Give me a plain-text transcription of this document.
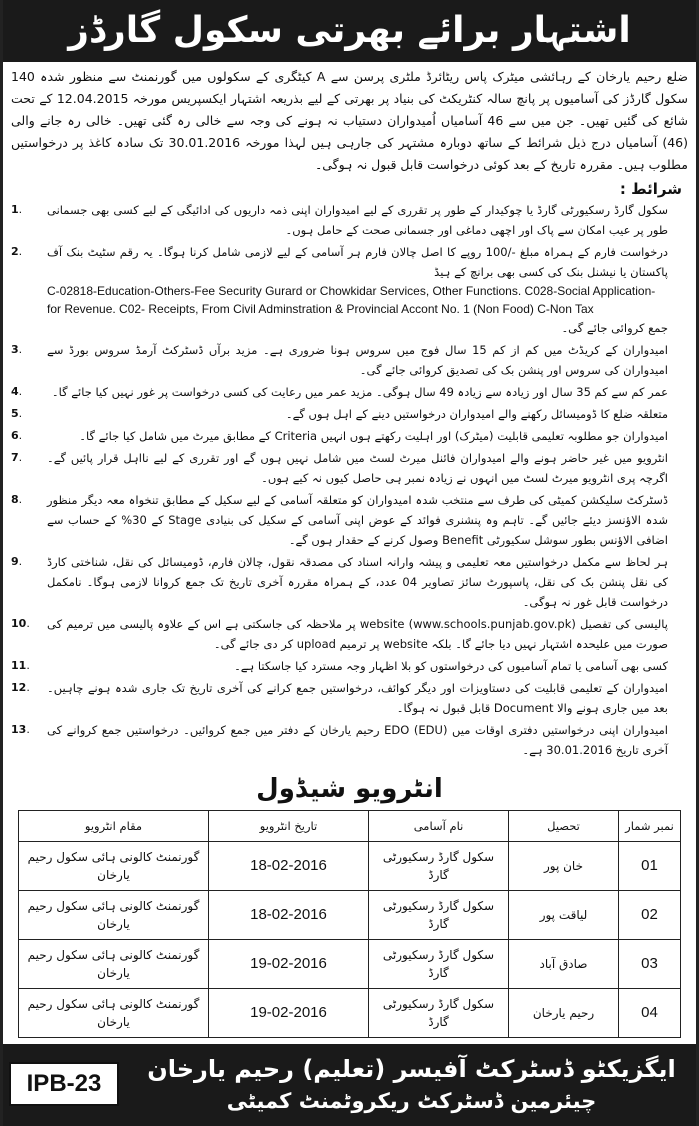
اشتہار برائے بھرتی سکول گارڈز

ضلع رحیم یارخان کے رہائشی میٹرک پاس ریٹائرڈ ملٹری پرسن سے A کیٹگری کے سکولوں میں گورنمنٹ سے منظور شدہ 140 سکول گارڈز کی آسامیوں پر پانچ سالہ کنٹریکٹ کی بنیاد پر بھرتی کے لیے بذریعہ اشتہار ایکسپریس مورخہ 12.04.2015 کے تحت شائع کی گئیں تھیں۔ جن میں سے 46 آسامیاں اُمیدواران دستیاب نہ ہونے کی وجہ سے خالی رہ گئی تھیں۔ خالی رہ جانے والی (46) آسامیاں درج ذیل شرائط کے ساتھ دوبارہ مشتہر کی جارہی ہیں لہذا مورخہ 30.01.2016 تک سادہ کاغذ پر درخواستیں مطلوب ہیں۔ مقررہ تاریخ کے بعد کوئی درخواست قابل قبول نہ ہوگی۔

شرائط :
1.	سکول گارڈ رسکیورٹی گارڈ یا چوکیدار کے طور پر تقرری کے لیے امیدواران اپنی ذمہ داریوں کی ادائیگی کے لیے کسی بھی جسمانی طور پر عیب امکان سے پاک اور اچھی دماغی اور جسمانی صحت کے حامل ہوں۔
2.	درخواست فارم کے ہمراہ مبلغ -/100 روپے کا اصل چالان فارم ہر آسامی کے لیے لازمی شامل کرنا ہوگا۔ یہ رقم سٹیٹ بنک آف پاکستان یا نیشنل بنک کی کسی بھی برانچ کے ہیڈ
C-02818-Education-Others-Fee Security Gurard or Chowkidar Services, Other Functions. C028-Social Application- for Revenue. C02- Receipts, From Civil Adminstration & Provincial Accont No. 1 (Non Food) C-Non Tax
جمع کروائی جائے گی۔
3.	امیدواران کے کریڈٹ میں کم از کم 15 سال فوج میں سروس ہونا ضروری ہے۔ مزید برآں ڈسٹرکٹ آرمڈ سروس بورڈ سے امیدواران کی سروس اور پنشن بک کی تصدیق کروائی جائے گی۔
4.	عمر کم سے کم 35 سال اور زیادہ سے زیادہ 49 سال ہوگی۔ مزید عمر میں رعایت کی کسی درخواست پر غور نہیں کیا جائے گا۔
5.	متعلقہ ضلع کا ڈومیسائل رکھنے والے امیدواران درخواستیں دینے کے اہل ہوں گے۔
6.	امیدواران جو مطلوبہ تعلیمی قابلیت (میٹرک) اور اہلیت رکھتے ہوں انہیں Criteria کے مطابق میرٹ میں شامل کیا جائے گا۔
7.	انٹرویو میں غیر حاضر ہونے والے امیدواران فائنل میرٹ لسٹ میں شامل نہیں ہوں گے اور تقرری کے لیے نااہل قرار پائیں گے۔ اگرچہ پری انٹرویو میرٹ لسٹ میں انہوں نے زیادہ نمبر ہی حاصل کیوں نہ کیے ہوں۔
8.	ڈسٹرکٹ سلیکشن کمیٹی کی طرف سے منتخب شدہ امیدواران کو متعلقہ آسامی کے لیے سکیل کے مطابق تنخواہ معہ دیگر منظور شدہ الاؤنسز دیئے جائیں گے۔ تاہم وہ پنشنری فوائد کے عوض اپنی آسامی کے سکیل کی بنیادی Stage کے 30% کے حساب سے اضافی الاؤنس بطور سوشل سکیورٹی Benefit وصول کرنے کے حقدار ہوں گے۔
9.	ہر لحاظ سے مکمل درخواستیں معہ تعلیمی و پیشہ وارانہ اسناد کی مصدقہ نقول، چالان فارم، ڈومیسائل کی نقل، شناختی کارڈ کی نقل پنشن بک کی نقل، پاسپورٹ سائز تصاویر 04 عدد، کے ہمراہ مقررہ آخری تاریخ تک جمع کروانا لازمی ہوگا۔ نامکمل درخواست قابل غور نہ ہوگی۔
10.	پالیسی کی تفصیل website (www.schools.punjab.gov.pk) پر ملاحظہ کی جاسکتی ہے اس کے علاوہ پالیسی میں ترمیم کی صورت میں علیحدہ اشتہار نہیں دیا جائے گا۔ بلکہ website پر ترمیم upload کر دی جائے گی۔
11.	کسی بھی آسامی یا تمام آسامیوں کی درخواستوں کو بلا اظہار وجہ مسترد کیا جاسکتا ہے۔
12.	امیدواران کے تعلیمی قابلیت کی دستاویزات اور دیگر کوائف، درخواستیں جمع کرانے کی آخری تاریخ تک جاری شدہ ہونے چاہیں۔ بعد میں جاری ہونے والا Document قابل قبول نہ ہوگا۔
13.	امیدواران اپنی درخواستیں دفتری اوقات میں EDO (EDU) رحیم یارخان کے دفتر میں جمع کروائیں۔ درخواستیں جمع کروانے کی آخری تاریخ 30.01.2016 ہے۔
انٹرویو شیڈول
نمبر شمار	تحصیل	نام آسامی	تاریخ انٹرویو	مقام انٹرویو
01	خان پور	سکول گارڈ رسکیورٹی گارڈ	18-02-2016	گورنمنٹ کالونی ہائی سکول رحیم یارخان
02	لیاقت پور	سکول گارڈ رسکیورٹی گارڈ	18-02-2016	گورنمنٹ کالونی ہائی سکول رحیم یارخان
03	صادق آباد	سکول گارڈ رسکیورٹی گارڈ	19-02-2016	گورنمنٹ کالونی ہائی سکول رحیم یارخان
04	رحیم یارخان	سکول گارڈ رسکیورٹی گارڈ	19-02-2016	گورنمنٹ کالونی ہائی سکول رحیم یارخان
IPB-23
ایگزیکٹو ڈسٹرکٹ آفیسر (تعلیم) رحیم یارخان
چیئرمین ڈسٹرکٹ ریکروٹمنٹ کمیٹی
